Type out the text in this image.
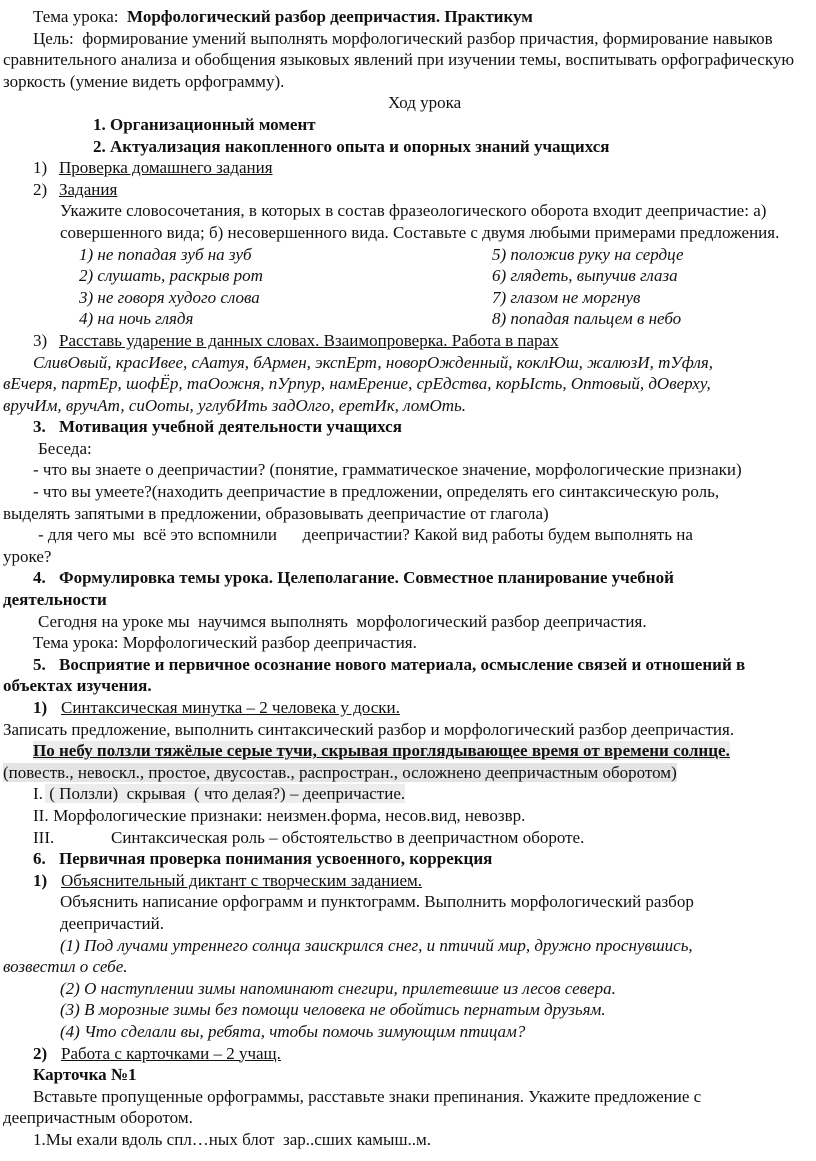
Тема урока: Морфологический разбор деепричастия. Практикум

Цель: формирование умений выполнять морфологический разбор причастия, формирование навыков сравнительного анализа и обобщения языковых явлений при изучении темы, воспитывать орфографическую зоркость (умение видеть орфограмму).

Ход урока

1. Организационный момент

2. Актуализация накопленного опыта и опорных знаний учащихся

1) Проверка домашнего задания

2) Задания

Укажите словосочетания, в которых в состав фразеологического оборота входит деепричастие: а) совершенного вида; б) несовершенного вида. Составьте с двумя любыми примерами предложения.

1) не попадая зуб на зуб
2) слушать, раскрыв рот
3) не говоря худого слова
4) на ночь глядя
5) положив руку на сердце
6) глядеть, выпучив глаза
7) глазом не моргнув
8) попадая пальцем в небо

3) Расставь ударение в данных словах. Взаимопроверка. Работа в парах

СливОвый, красИвее, сАатуя, бАрмен, экспЕрт, новорОжденный, коклЮш, жалюзИ, тУфля,

вЕчеря, партЕр, шофЁр, таОожня, пУрпур, намЕрение, срЕдства, корЫсть, Оптовый, дОверху,

вручИм, вручАт, сиОоты, углубИть задОлго, еретИк, ломОть.

3. Мотивация учебной деятельности учащихся

Беседа:

- что вы знаете о деепричастии? (понятие, грамматическое значение, морфологические признаки)

- что вы умеете?(находить деепричастие в предложении, определять его синтаксическую роль,

выделять запятыми в предложении, образовывать деепричастие от глагола)

- для чего мы  всё это вспомнили      деепричастии? Какой вид работы будем выполнять на

уроке?

4. Формулировка темы урока. Целеполагание. Совместное планирование учебной

деятельности

Сегодня на уроке мы  научимся выполнять  морфологический разбор деепричастия.

Тема урока: Морфологический разбор деепричастия.

5. Восприятие и первичное осознание нового материала, осмысление связей и отношений в

объектах изучения.

1) Синтаксическая минутка – 2 человека у доски.

Записать предложение, выполнить синтаксический разбор и морфологический разбор деепричастия.

По небу ползли тяжёлые серые тучи, скрывая проглядывающее время от времени солнце.

(повеств., невоскл., простое, двусостав., распростран., осложнено деепричастным оборотом)

I. ( Ползли)  скрывая  ( что делая?) – деепричастие.

II. Морфологические признаки: неизмен.форма, несов.вид, невозвр.

III.	Синтаксическая роль – обстоятельство в деепричастном обороте.

6. Первичная проверка понимания усвоенного, коррекция

1) Объяснительный диктант с творческим заданием.

Объяснить написание орфограмм и пунктограмм. Выполнить морфологический разбор

деепричастий.

(1) Под лучами утреннего солнца заискрился снег, и птичий мир, дружно проснувшись,

возвестил о себе.

(2) О наступлении зимы напоминают снегири, прилетевшие из лесов севера.

(3) В морозные зимы без помощи человека не обойтись пернатым друзьям.

(4) Что сделали вы, ребята, чтобы помочь зимующим птицам?

2) Работа с карточками – 2 учащ.

Карточка №1

Вставьте пропущенные орфограммы, расставьте знаки препинания. Укажите предложение с

деепричастным оборотом.

1.Мы ехали вдоль спл…ных блот  зар..сших камыш..м.
